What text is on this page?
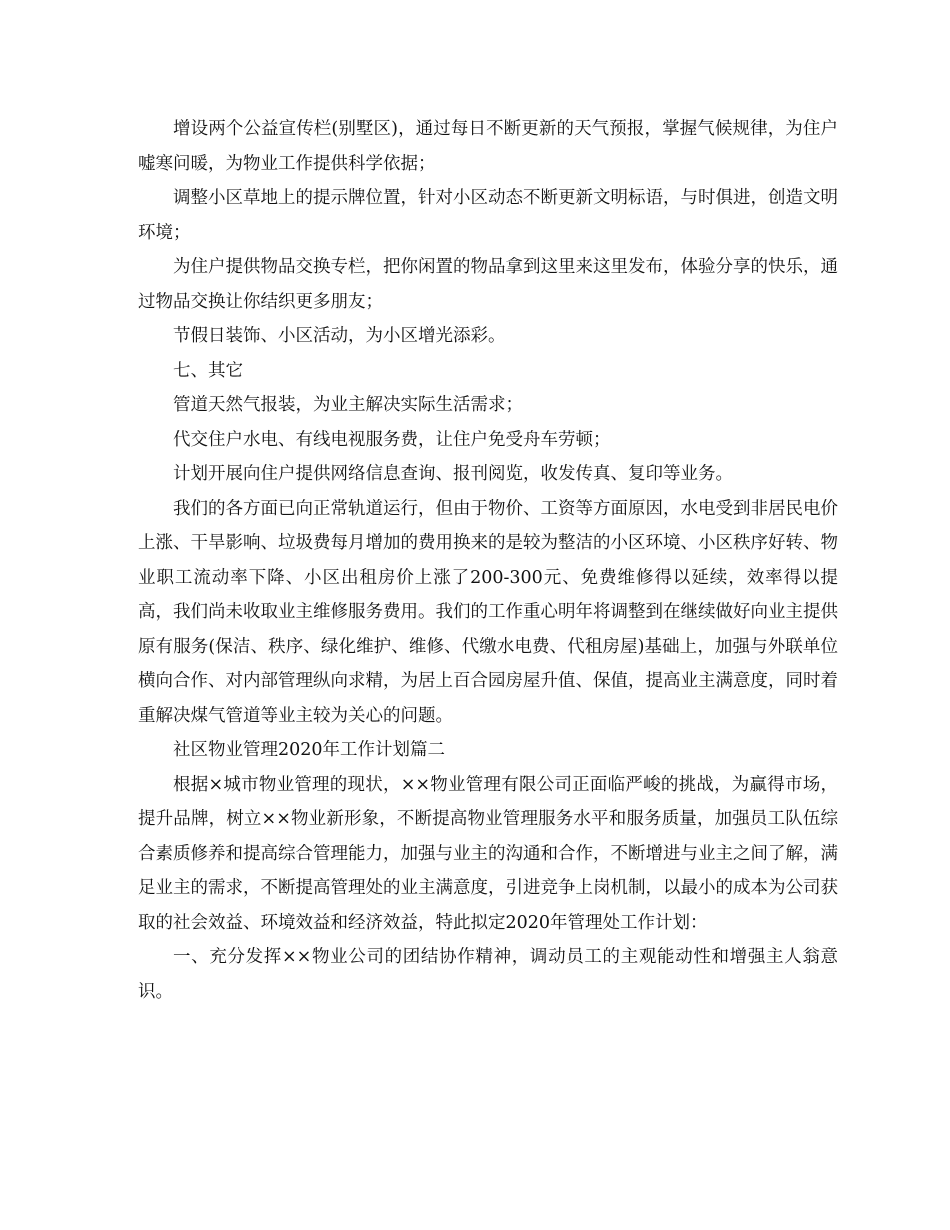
增设两个公益宣传栏(别墅区)，通过每日不断更新的天气预报，掌握气候规律，为住户嘘寒问暖，为物业工作提供科学依据；

调整小区草地上的提示牌位置，针对小区动态不断更新文明标语，与时俱进，创造文明环境；

为住户提供物品交换专栏，把你闲置的物品拿到这里来这里发布，体验分享的快乐，通过物品交换让你结织更多朋友；

节假日装饰、小区活动，为小区增光添彩。

七、其它

管道天然气报装，为业主解决实际生活需求；

代交住户水电、有线电视服务费，让住户免受舟车劳顿；

计划开展向住户提供网络信息查询、报刊阅览，收发传真、复印等业务。

我们的各方面已向正常轨道运行，但由于物价、工资等方面原因，水电受到非居民电价上涨、干旱影响、垃圾费每月增加的费用换来的是较为整洁的小区环境、小区秩序好转、物业职工流动率下降、小区出租房价上涨了200-300元、免费维修得以延续，效率得以提高，我们尚未收取业主维修服务费用。我们的工作重心明年将调整到在继续做好向业主提供原有服务(保洁、秩序、绿化维护、维修、代缴水电费、代租房屋)基础上，加强与外联单位横向合作、对内部管理纵向求精，为居上百合园房屋升值、保值，提高业主满意度，同时着重解决煤气管道等业主较为关心的问题。

社区物业管理2020年工作计划篇二

根据×城市物业管理的现状，××物业管理有限公司正面临严峻的挑战，为赢得市场，提升品牌，树立××物业新形象，不断提高物业管理服务水平和服务质量，加强员工队伍综合素质修养和提高综合管理能力，加强与业主的沟通和合作，不断增进与业主之间了解，满足业主的需求，不断提高管理处的业主满意度，引进竞争上岗机制，以最小的成本为公司获取的社会效益、环境效益和经济效益，特此拟定2020年管理处工作计划：

一、充分发挥××物业公司的团结协作精神，调动员工的主观能动性和增强主人翁意识。
